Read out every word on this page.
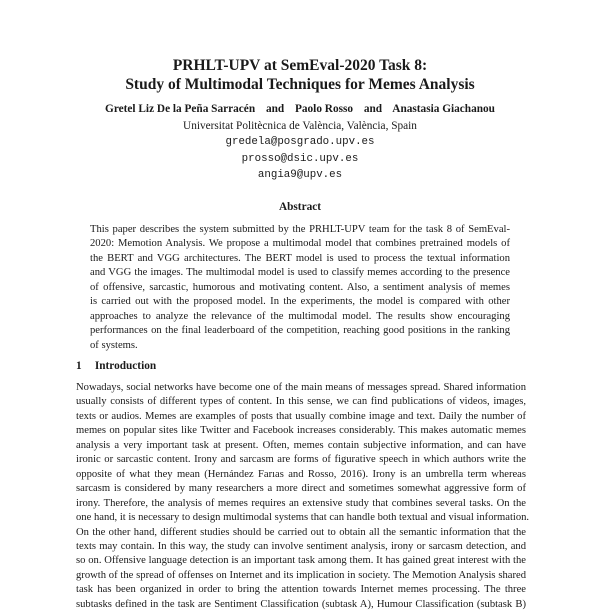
PRHLT-UPV at SemEval-2020 Task 8:
Study of Multimodal Techniques for Memes Analysis
Gretel Liz De la Peña Sarracén and Paolo Rosso and Anastasia Giachanou
Universitat Politècnica de València, València, Spain
gredela@posgrado.upv.es
prosso@dsic.upv.es
angia9@upv.es
Abstract
This paper describes the system submitted by the PRHLT-UPV team for the task 8 of SemEval-
2020: Memotion Analysis. We propose a multimodal model that combines pretrained models of
the BERT and VGG architectures. The BERT model is used to process the textual information
and VGG the images. The multimodal model is used to classify memes according to the presence
of offensive, sarcastic, humorous and motivating content. Also, a sentiment analysis of memes
is carried out with the proposed model. In the experiments, the model is compared with other
approaches to analyze the relevance of the multimodal model. The results show encouraging
performances on the final leaderboard of the competition, reaching good positions in the ranking
of systems.
1 Introduction
Nowadays, social networks have become one of the main means of messages spread. Shared information
usually consists of different types of content. In this sense, we can find publications of videos, images,
texts or audios. Memes are examples of posts that usually combine image and text. Daily the number of
memes on popular sites like Twitter and Facebook increases considerably. This makes automatic memes
analysis a very important task at present. Often, memes contain subjective information, and can have
ironic or sarcastic content. Irony and sarcasm are forms of figurative speech in which authors write the
opposite of what they mean (Hernández Farıas and Rosso, 2016). Irony is an umbrella term whereas
sarcasm is considered by many researchers a more direct and sometimes somewhat aggressive form of
irony. Therefore, the analysis of memes requires an extensive study that combines several tasks. On the
one hand, it is necessary to design multimodal systems that can handle both textual and visual information.
On the other hand, different studies should be carried out to obtain all the semantic information that the
texts may contain. In this way, the study can involve sentiment analysis, irony or sarcasm detection, and
so on. Offensive language detection is an important task among them. It has gained great interest with the
growth of the spread of offenses on Internet and its implication in society. The Memotion Analysis shared
task has been organized in order to bring the attention towards Internet memes processing. The three
subtasks defined in the task are Sentiment Classification (subtask A), Humour Classification (subtask B)
